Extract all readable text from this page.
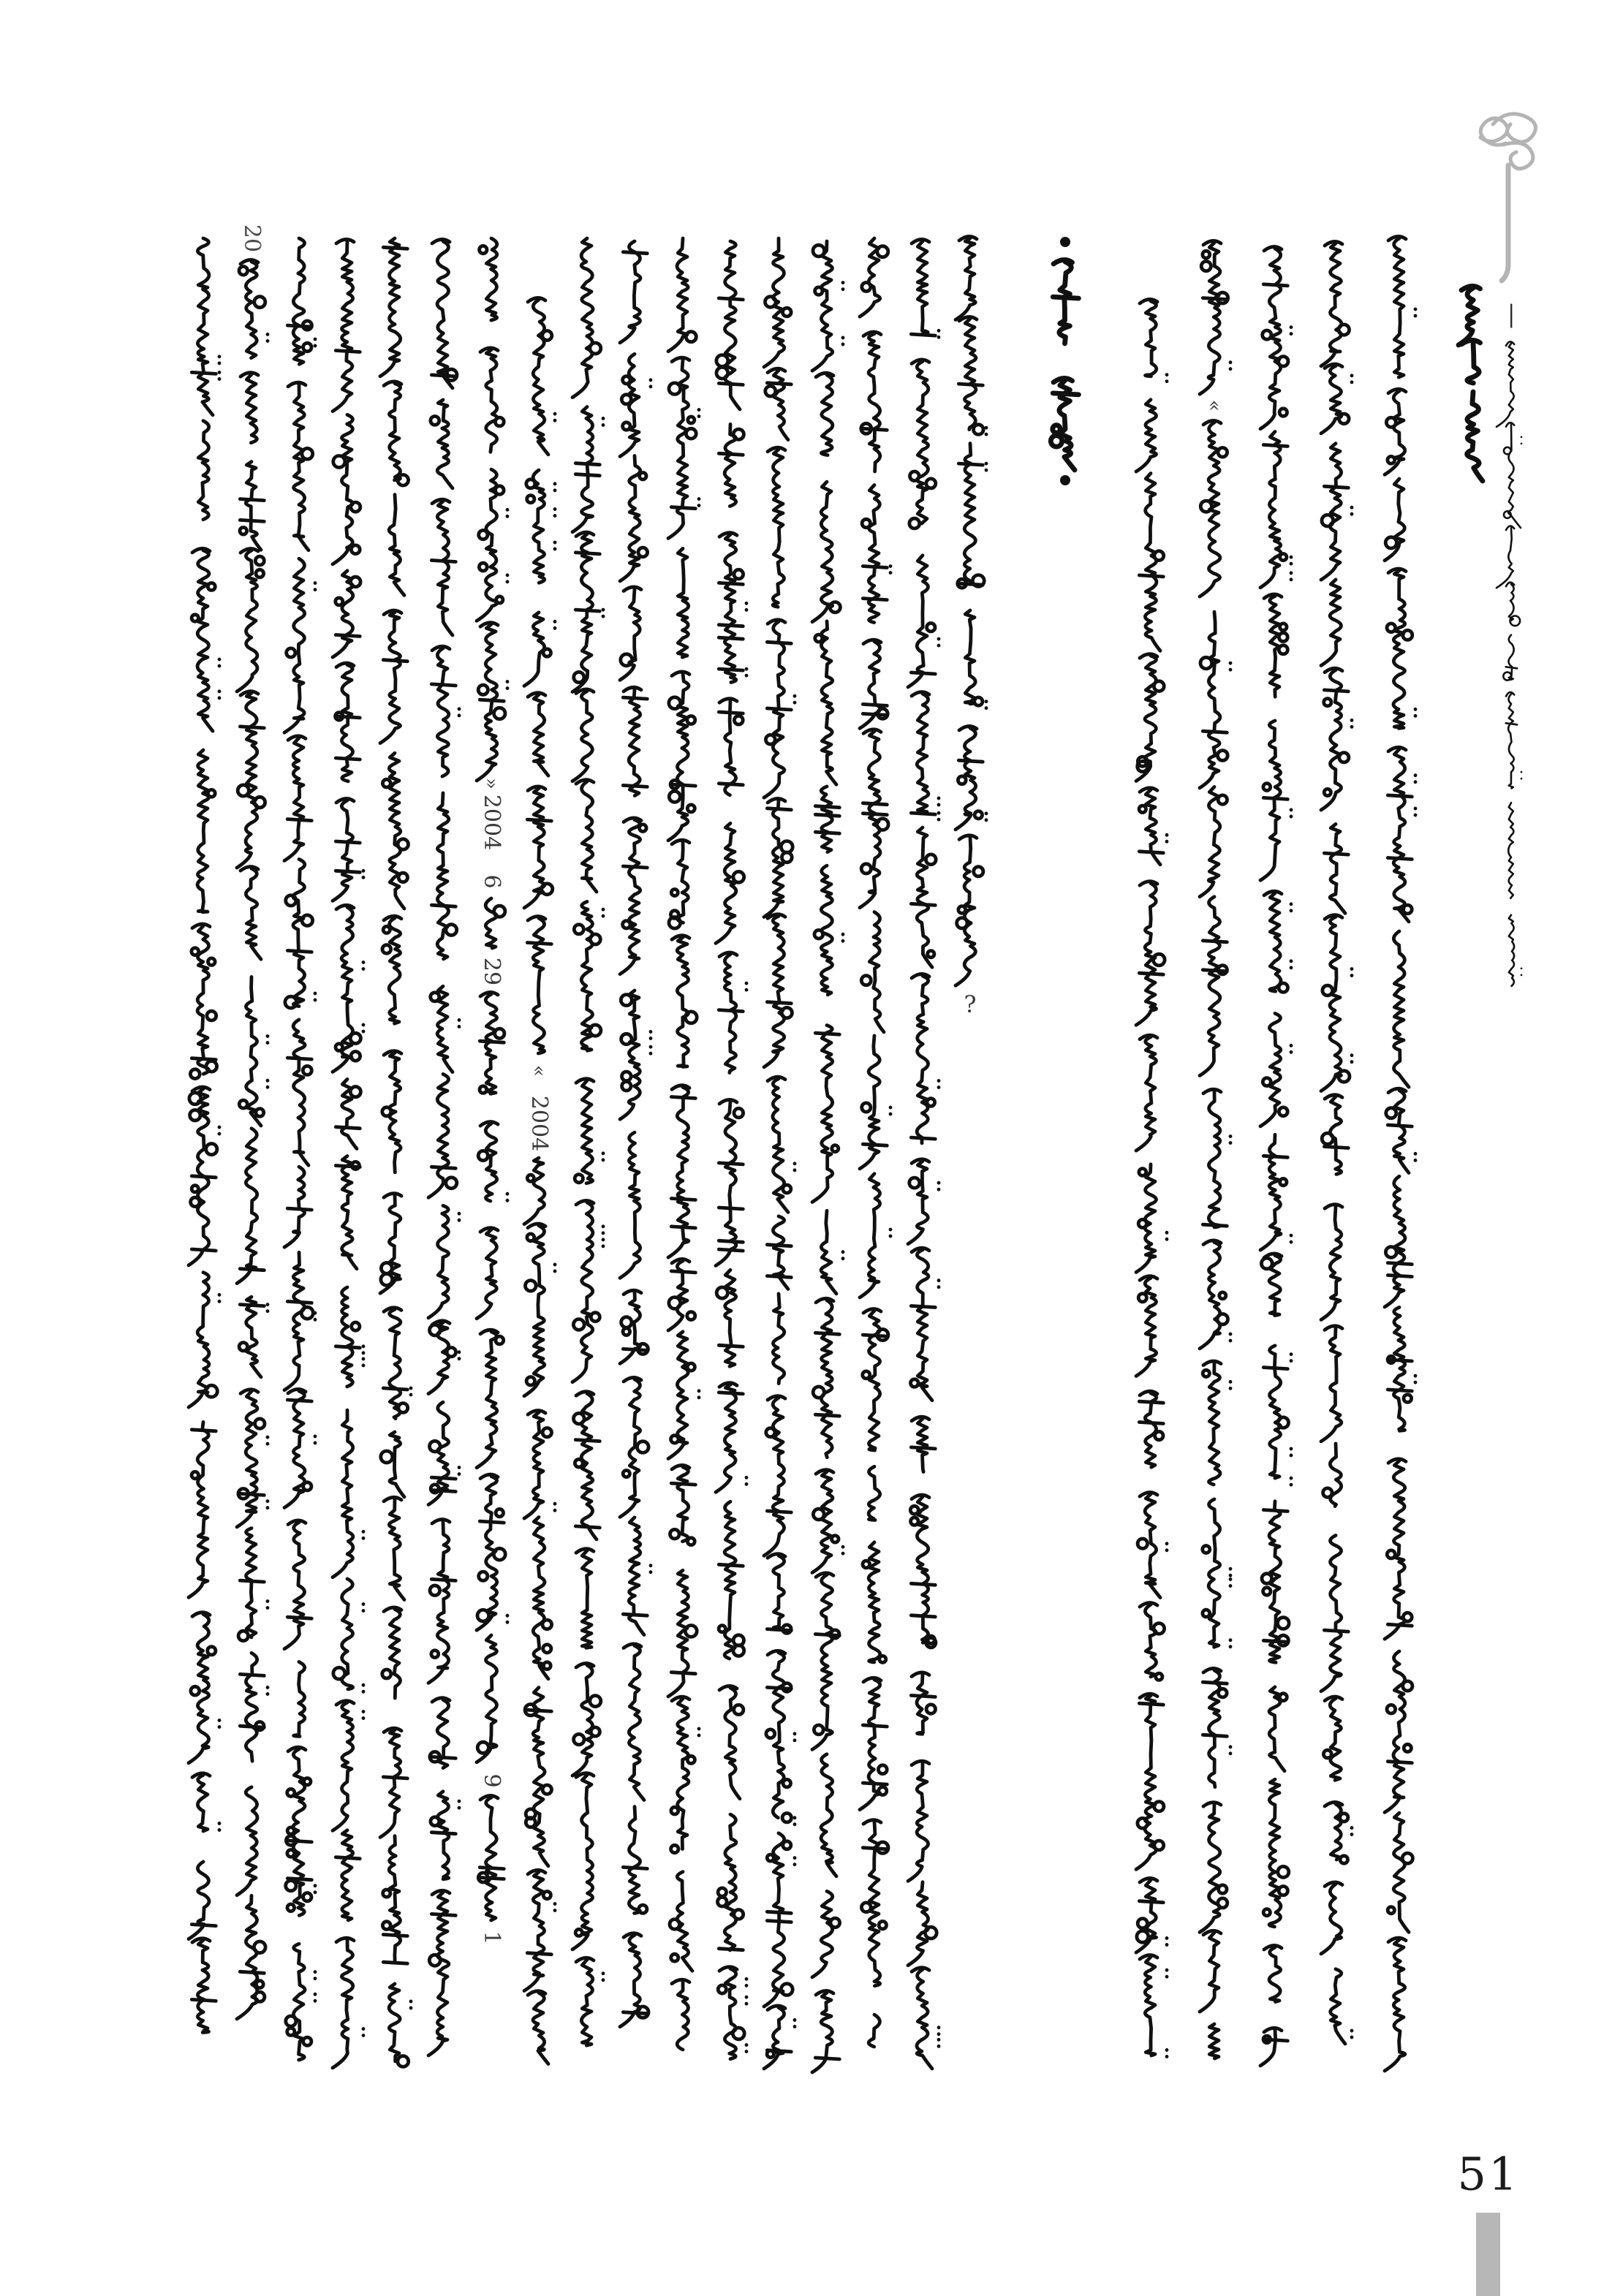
—
51
20
»
2004
6
29
9
1
«
2004
?
«
